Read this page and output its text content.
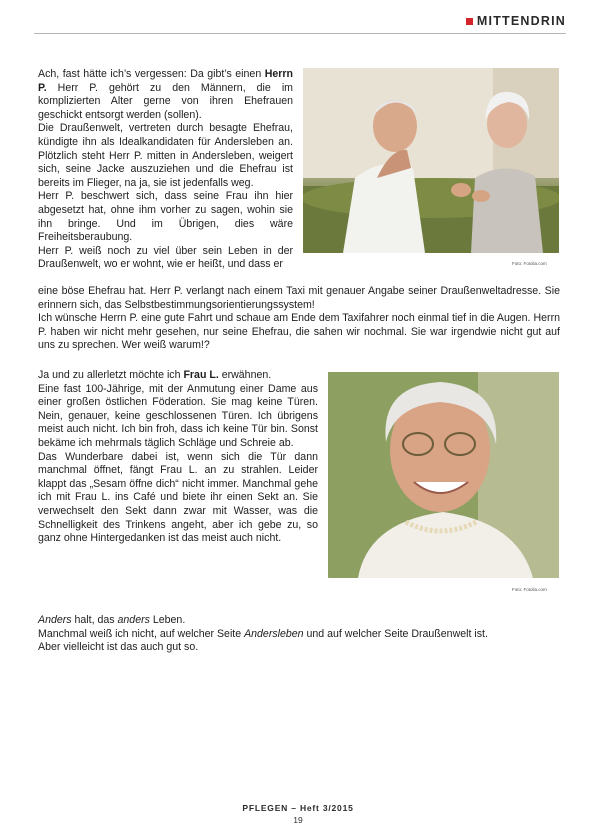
MITTENDRIN
Foto: Fotolia.com

Ach, fast hätte ich’s vergessen: Da gibt’s einen Herrn P. Herr P. gehört zu den Männern, die im komplizierten Alter gerne von ihren Ehefrauen geschickt entsorgt werden (sollen).

Die Draußenwelt, vertreten durch besagte Ehefrau, kündigte ihn als Idealkandidaten für Andersleben an. Plötzlich steht Herr P. mitten in Andersleben, weigert sich, seine Jacke auszuziehen und die Ehefrau ist bereits im Flieger, na ja, sie ist jedenfalls weg.

Herr P. beschwert sich, dass seine Frau ihn hier abgesetzt hat, ohne ihm vorher zu sagen, wohin sie ihn bringe. Und im Übrigen, dies wäre Freiheitsberaubung.

Herr P. weiß noch zu viel über sein Leben in der Draußenwelt, wo er wohnt, wie er heißt, und dass er

eine böse Ehefrau hat. Herr P. verlangt nach einem Taxi mit genauer Angabe seiner Draußenweltadresse. Sie erinnern sich, das Selbstbestimmungsorientierungssystem!

Ich wünsche Herrn P. eine gute Fahrt und schaue am Ende dem Taxifahrer noch einmal tief in die Augen. Herrn P. haben wir nicht mehr gesehen, nur seine Ehefrau, die sahen wir nochmal. Sie war irgendwie nicht gut auf uns zu sprechen. Wer weiß warum!?

Foto: Fotolia.com

Ja und zu allerletzt möchte ich Frau L. erwähnen.

Eine fast 100-Jährige, mit der Anmutung einer Dame aus einer großen östlichen Föderation. Sie mag keine Türen. Nein, genauer, keine geschlossenen Türen. Ich übrigens meist auch nicht. Ich bin froh, dass ich keine Tür bin. Sonst bekäme ich mehrmals täglich Schläge und Schreie ab.

Das Wunderbare dabei ist, wenn sich die Tür dann manchmal öffnet, fängt Frau L. an zu strahlen. Leider klappt das „Sesam öffne dich“ nicht immer. Manchmal gehe ich mit Frau L. ins Café und biete ihr einen Sekt an. Sie verwechselt den Sekt dann zwar mit Wasser, was die Schnelligkeit des Trinkens angeht, aber ich gebe zu, so ganz ohne Hintergedanken ist das meist auch nicht.

Anders halt, das anders Leben.

Manchmal weiß ich nicht, auf welcher Seite Andersleben und auf welcher Seite Draußenwelt ist.

Aber vielleicht ist das auch gut so.

PFLEGEN – Heft 3/2015
19
